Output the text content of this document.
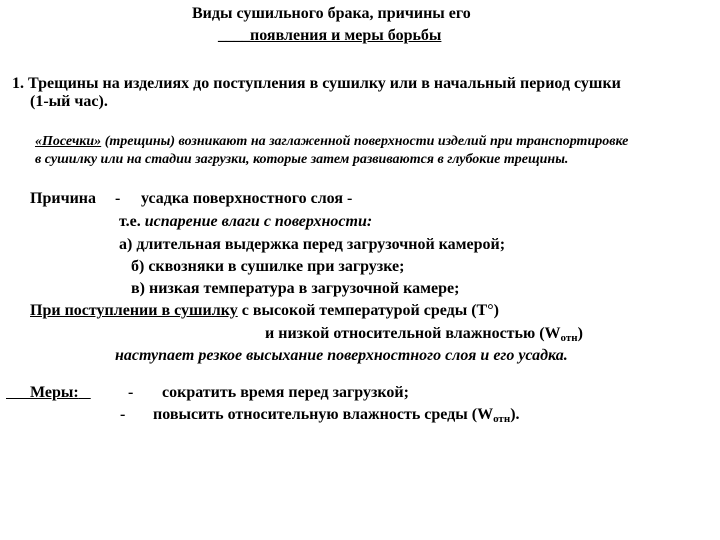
Виды сушильного брака, причины его
____появления и меры борьбы
1. Трещины на изделиях до поступления в сушилку или в начальный период сушки
(1-ый час).
«Посечки» (трещины) возникают на заглаженной поверхности изделий при транспортировке
в сушилку или на стадии загрузки, которые затем развиваются в глубокие трещины.
Причина - усадка поверхностного слоя -
т.е. испарение влаги с поверхности:
а) длительная выдержка перед загрузочной камерой;
б) сквозняки в сушилке при загрузке;
в) низкая температура в загрузочной камере;
При поступлении в сушилку с высокой температурой среды (Т°)
и низкой относительной влажностью $(W_{отн})$
наступает резкое высыхание поверхностного слоя и его усадка.
Меры:	- сократить время перед загрузкой;
- повысить относительную влажность среды $(W_{отн})$.
